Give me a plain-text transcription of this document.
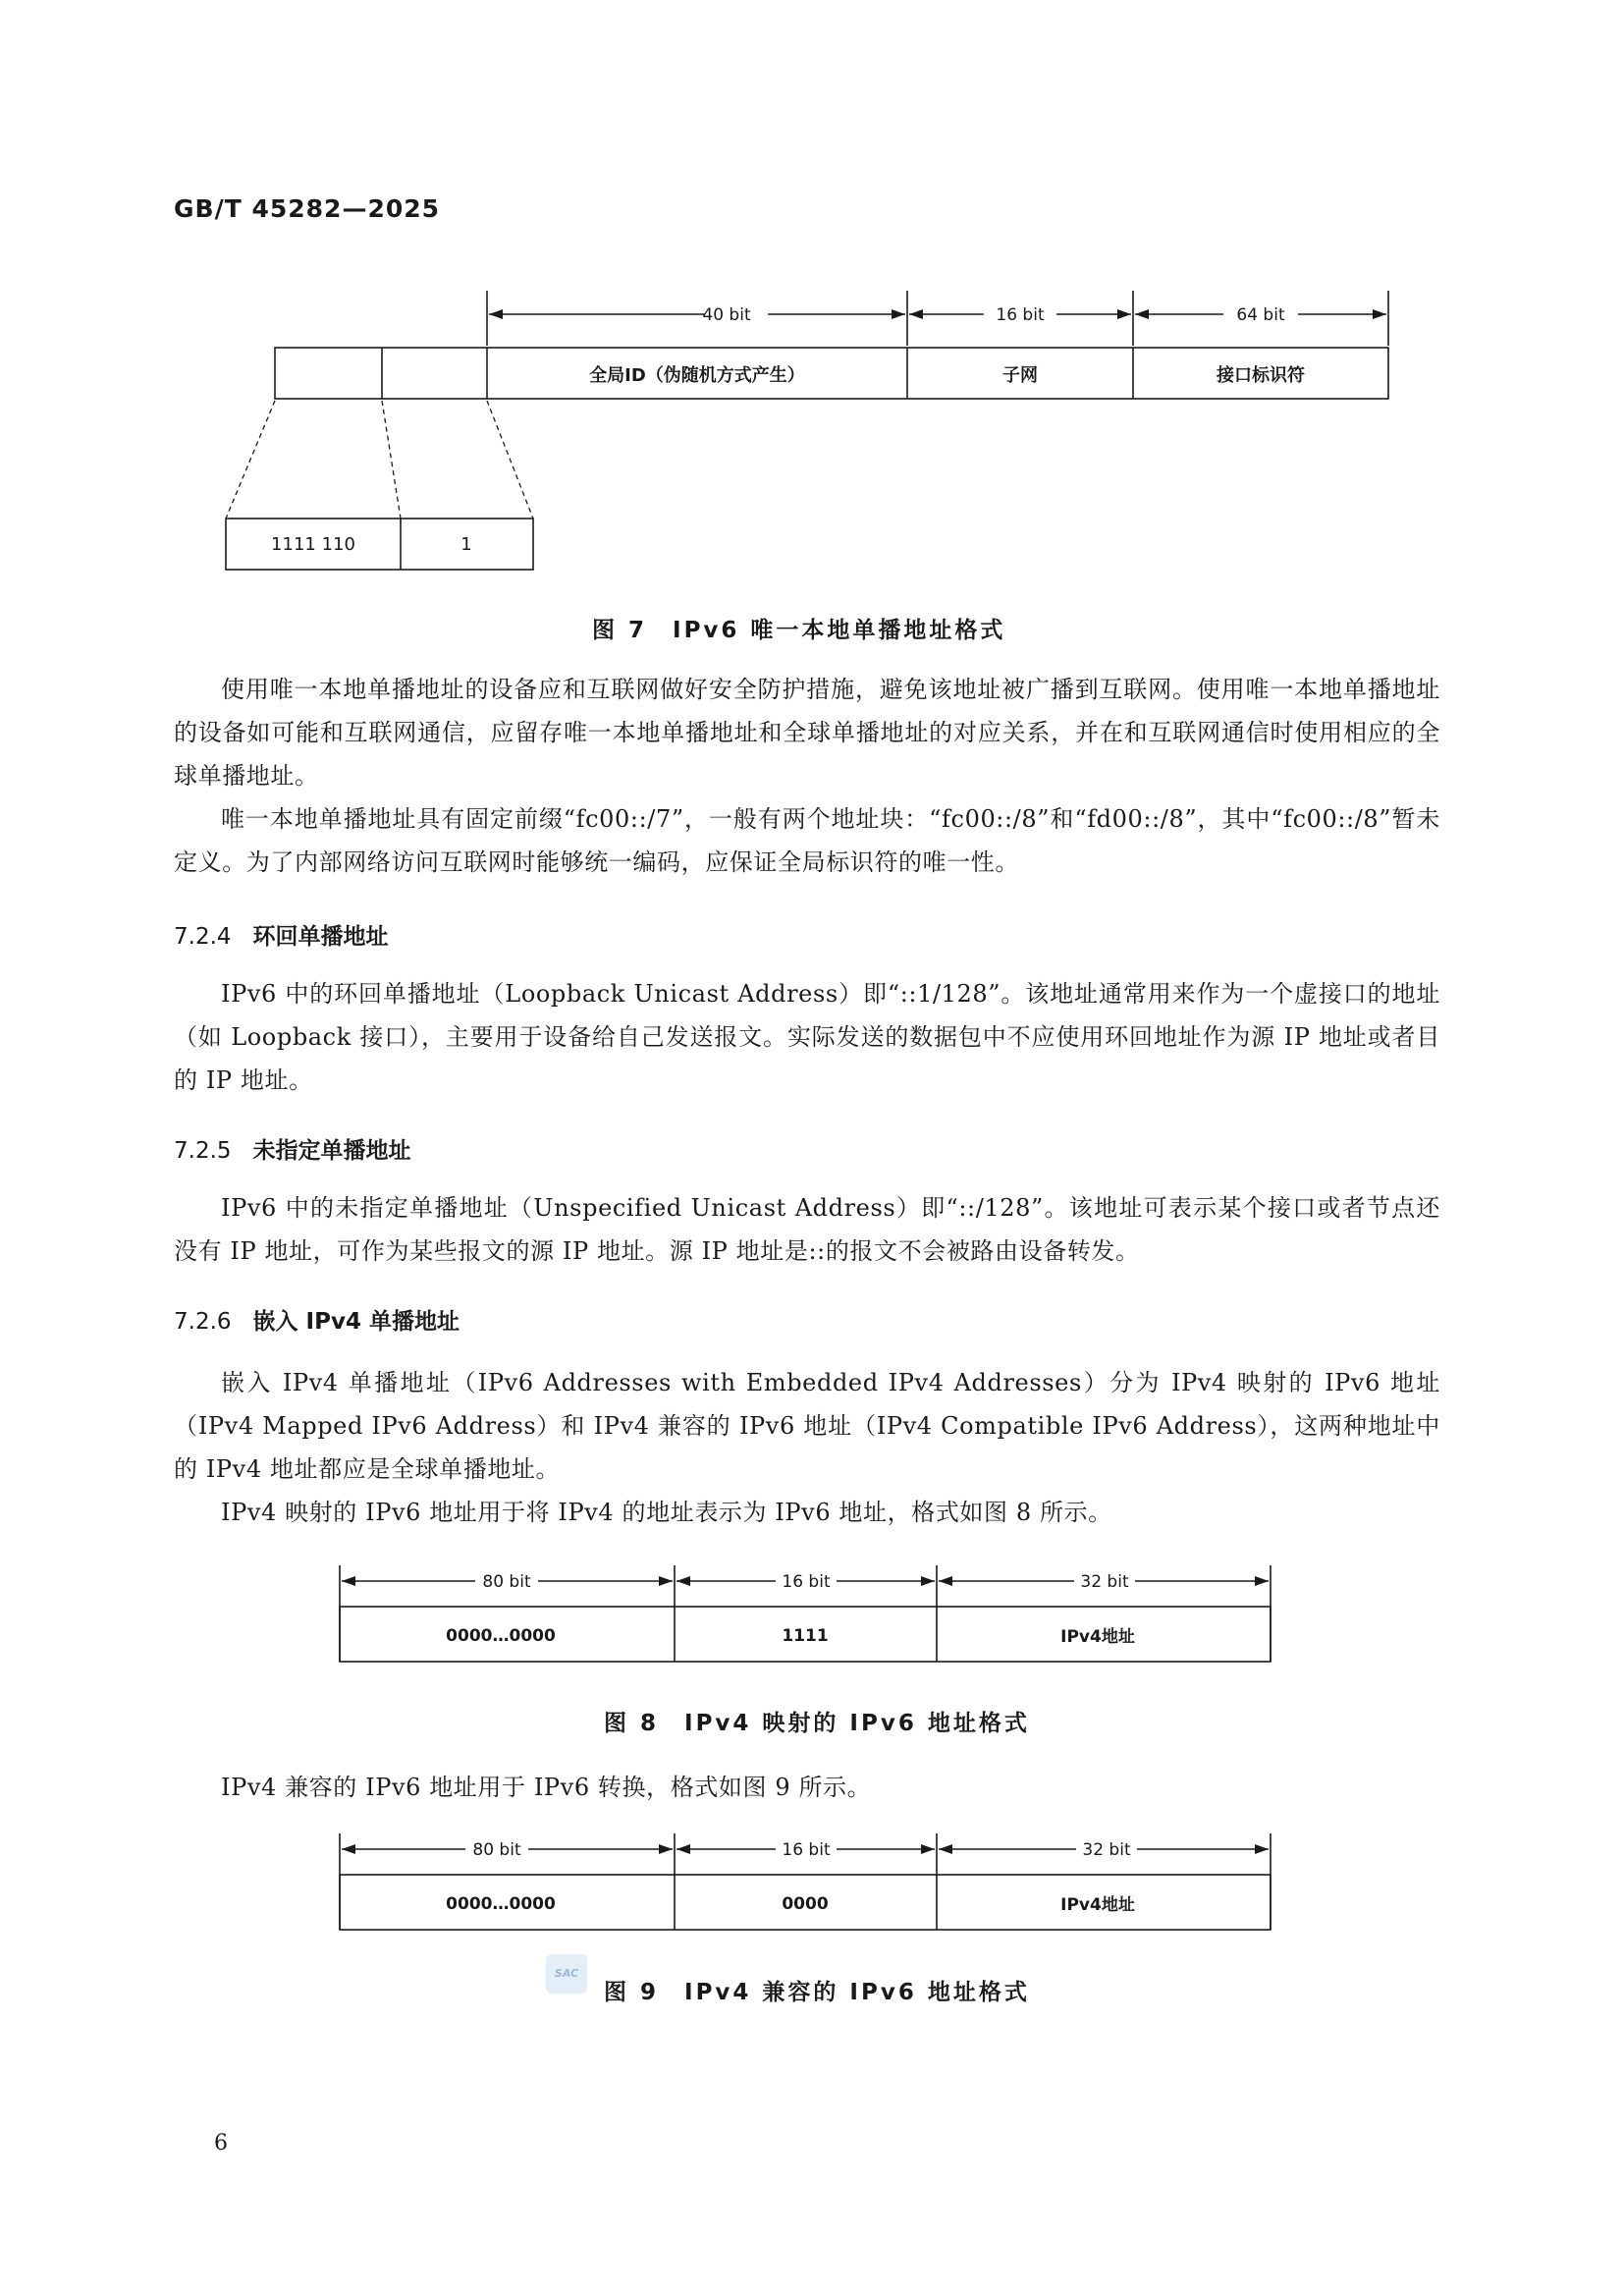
GB/T 45282—2025
40 bit	16 bit	64 bit
全局ID（伪随机方式产生）	子网	接口标识符
1111 110	1
图 7　IPv6 唯一本地单播地址格式

使用唯一本地单播地址的设备应和互联网做好安全防护措施，避免该地址被广播到互联网。使用唯一本地单播地址的设备如可能和互联网通信，应留存唯一本地单播地址和全球单播地址的对应关系，并在和互联网通信时使用相应的全球单播地址。

唯一本地单播地址具有固定前缀“fc00::/7”，一般有两个地址块：“fc00::/8”和“fd00::/8”，其中“fc00::/8”暂未定义。为了内部网络访问互联网时能够统一编码，应保证全局标识符的唯一性。

7.2.4 环回单播地址

IPv6 中的环回单播地址（Loopback Unicast Address）即“::1/128”。该地址通常用来作为一个虚接口的地址（如 Loopback 接口），主要用于设备给自己发送报文。实际发送的数据包中不应使用环回地址作为源 IP 地址或者目的 IP 地址。

7.2.5 未指定单播地址

IPv6 中的未指定单播地址（Unspecified Unicast Address）即“::/128”。该地址可表示某个接口或者节点还没有 IP 地址，可作为某些报文的源 IP 地址。源 IP 地址是::的报文不会被路由设备转发。

7.2.6 嵌入 IPv4 单播地址

嵌入 IPv4 单播地址（IPv6 Addresses with Embedded IPv4 Addresses）分为 IPv4 映射的 IPv6 地址（IPv4 Mapped IPv6 Address）和 IPv4 兼容的 IPv6 地址（IPv4 Compatible IPv6 Address），这两种地址中的 IPv4 地址都应是全球单播地址。

IPv4 映射的 IPv6 地址用于将 IPv4 的地址表示为 IPv6 地址，格式如图 8 所示。

80 bit	16 bit	32 bit
0000…0000	1111	IPv4地址
图 8　IPv4 映射的 IPv6 地址格式

IPv4 兼容的 IPv6 地址用于 IPv6 转换，格式如图 9 所示。

80 bit	16 bit	32 bit
0000…0000	0000	IPv4地址
SAC
图 9　IPv4 兼容的 IPv6 地址格式
6
